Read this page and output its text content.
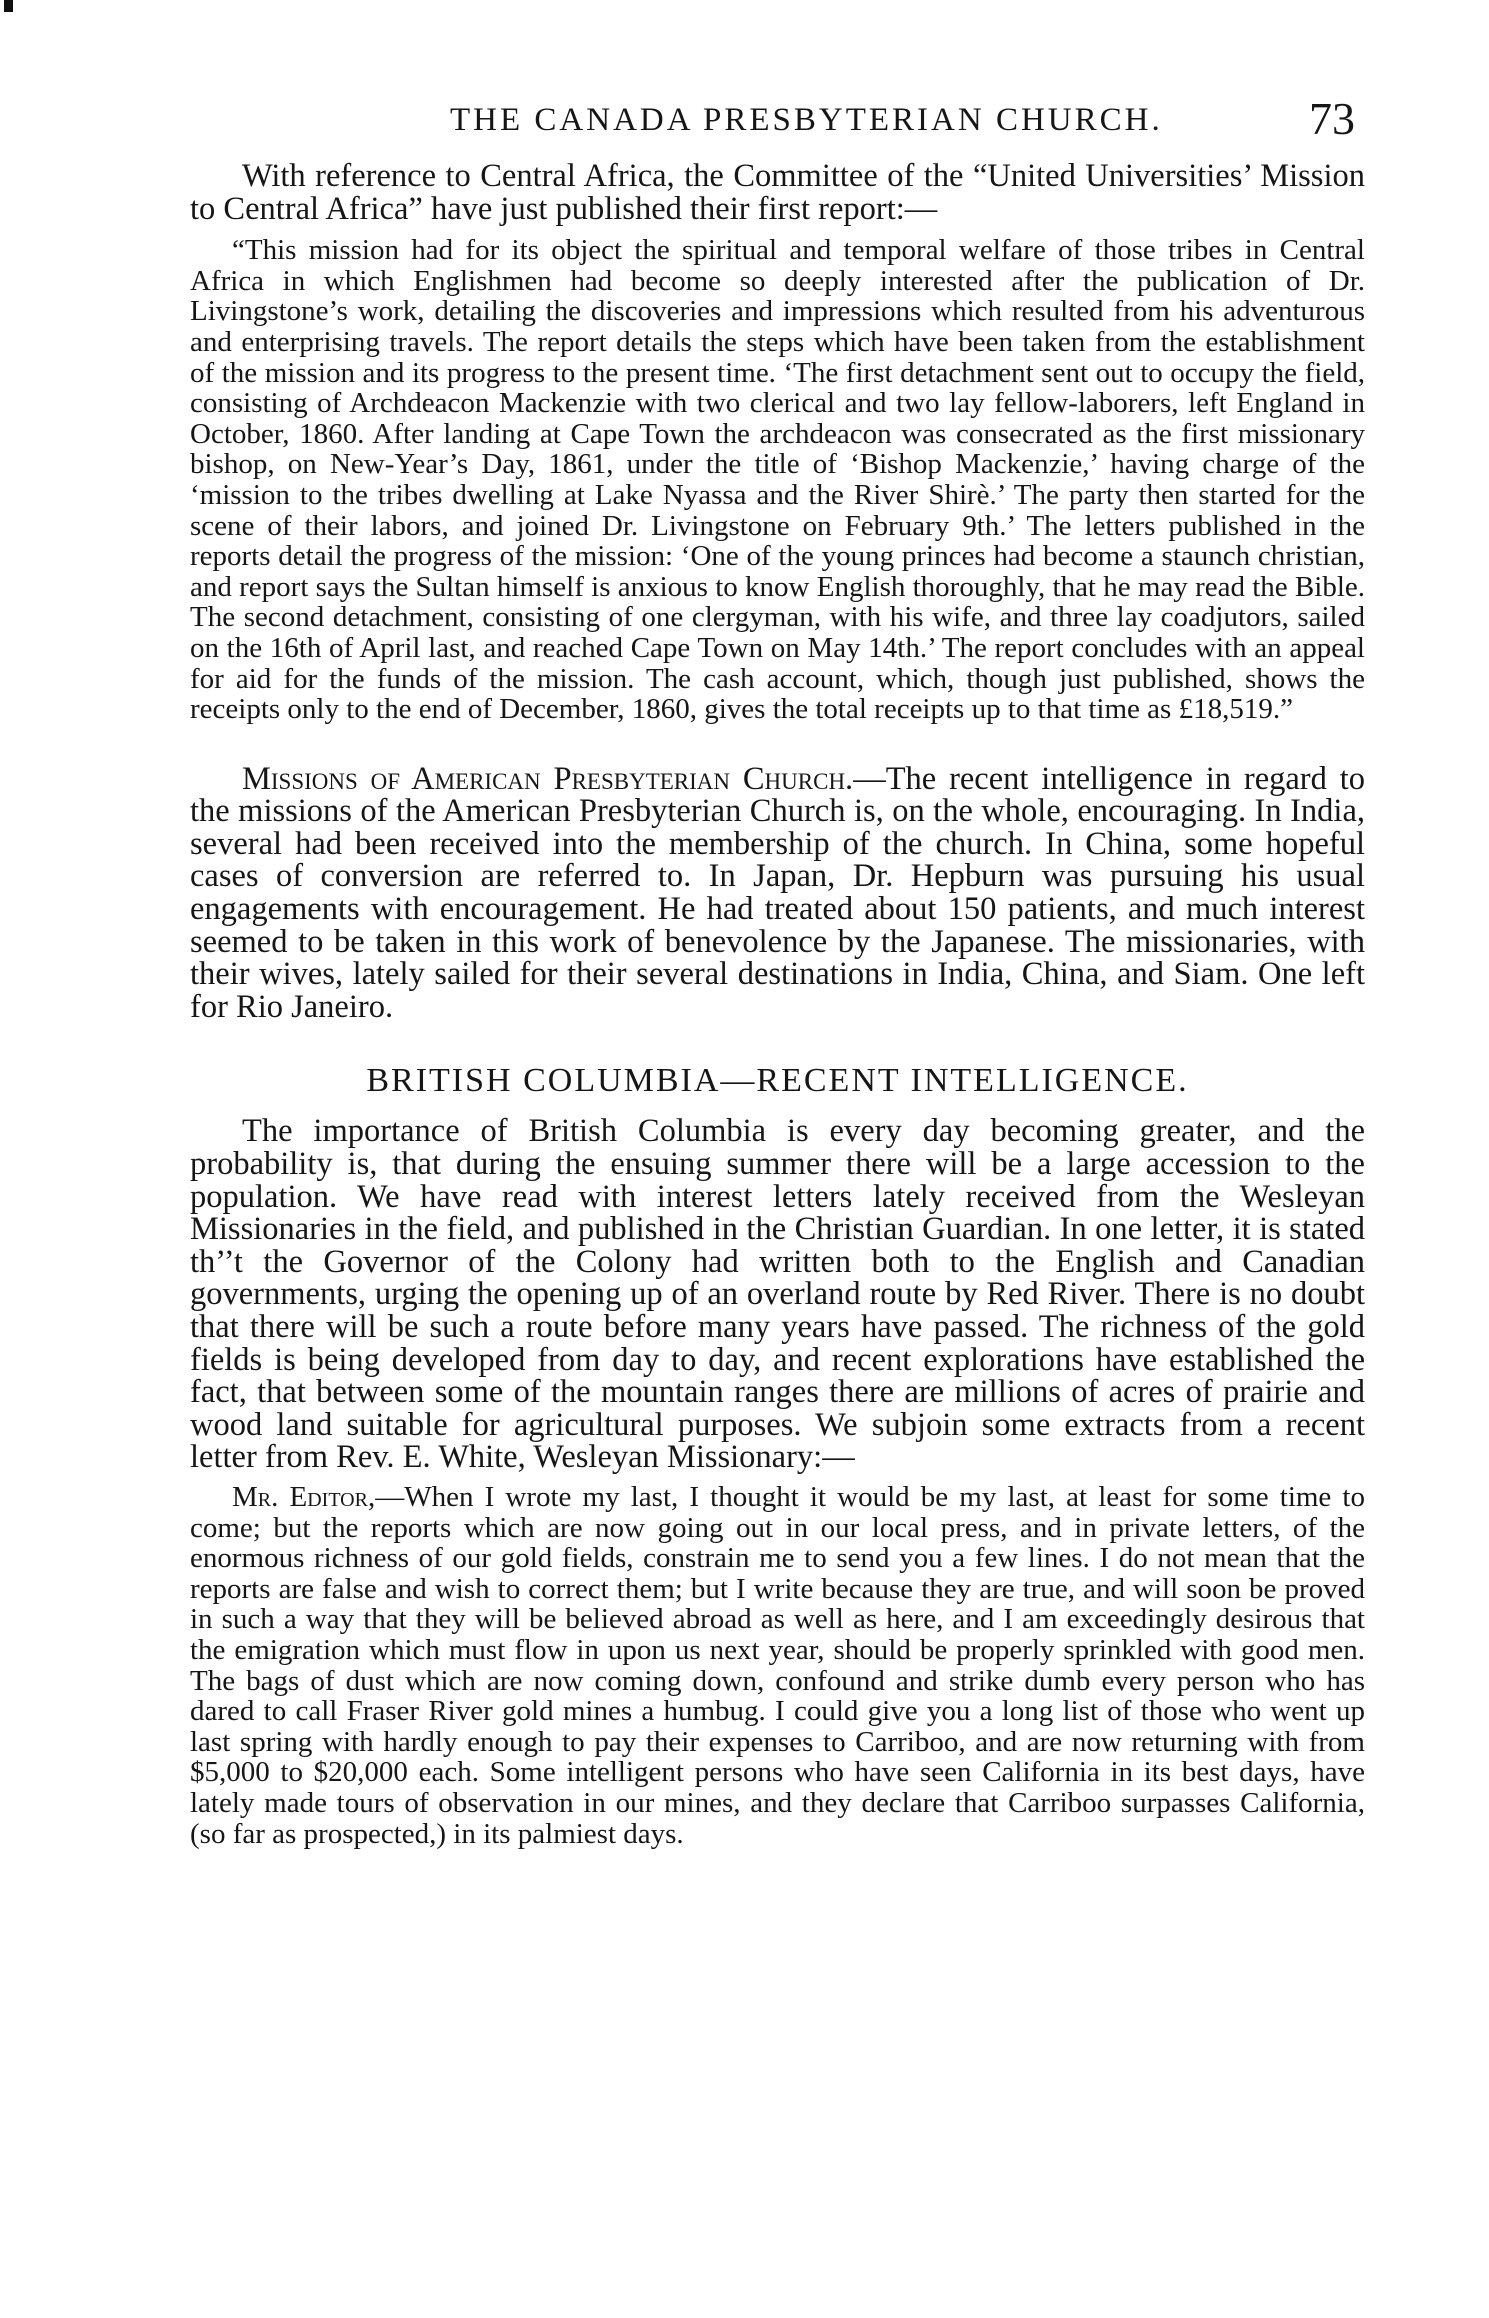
THE CANADA PRESBYTERIAN CHURCH.	73

With reference to Central Africa, the Committee of the “United Universities’ Mission to Central Africa” have just published their first report:—

“This mission had for its object the spiritual and temporal welfare of those tribes in Central Africa in which Englishmen had become so deeply interested after the publication of Dr. Livingstone’s work, detailing the discoveries and impressions which resulted from his adventurous and enterprising travels. The report details the steps which have been taken from the establishment of the mission and its progress to the present time. ‘The first detachment sent out to occupy the field, consisting of Archdeacon Mackenzie with two clerical and two lay fellow-laborers, left England in October, 1860. After landing at Cape Town the archdeacon was consecrated as the first missionary bishop, on New-Year’s Day, 1861, under the title of ‘Bishop Mackenzie,’ having charge of the ‘mission to the tribes dwelling at Lake Nyassa and the River Shirè.’ The party then started for the scene of their labors, and joined Dr. Livingstone on February 9th.’ The letters published in the reports detail the progress of the mission: ‘One of the young princes had become a staunch christian, and report says the Sultan himself is anxious to know English thoroughly, that he may read the Bible. The second detachment, consisting of one clergyman, with his wife, and three lay coadjutors, sailed on the 16th of April last, and reached Cape Town on May 14th.’ The report concludes with an appeal for aid for the funds of the mission. The cash account, which, though just published, shows the receipts only to the end of December, 1860, gives the total receipts up to that time as £18,519.”

Missions of American Presbyterian Church.—The recent intelligence in regard to the missions of the American Presbyterian Church is, on the whole, encouraging. In India, several had been received into the membership of the church. In China, some hopeful cases of conversion are referred to. In Japan, Dr. Hepburn was pursuing his usual engagements with encouragement. He had treated about 150 patients, and much interest seemed to be taken in this work of benevolence by the Japanese. The missionaries, with their wives, lately sailed for their several destinations in India, China, and Siam. One left for Rio Janeiro.

BRITISH COLUMBIA—RECENT INTELLIGENCE.

The importance of British Columbia is every day becoming greater, and the probability is, that during the ensuing summer there will be a large accession to the population. We have read with interest letters lately received from the Wesleyan Missionaries in the field, and published in the Christian Guardian. In one letter, it is stated th’’t the Governor of the Colony had written both to the English and Canadian governments, urging the opening up of an overland route by Red River. There is no doubt that there will be such a route before many years have passed. The richness of the gold fields is being developed from day to day, and recent explorations have established the fact, that between some of the mountain ranges there are millions of acres of prairie and wood land suitable for agricultural purposes. We subjoin some extracts from a recent letter from Rev. E. White, Wesleyan Missionary:—

Mr. Editor,—When I wrote my last, I thought it would be my last, at least for some time to come; but the reports which are now going out in our local press, and in private letters, of the enormous richness of our gold fields, constrain me to send you a few lines. I do not mean that the reports are false and wish to correct them; but I write because they are true, and will soon be proved in such a way that they will be believed abroad as well as here, and I am exceedingly desirous that the emigration which must flow in upon us next year, should be properly sprinkled with good men. The bags of dust which are now coming down, confound and strike dumb every person who has dared to call Fraser River gold mines a humbug. I could give you a long list of those who went up last spring with hardly enough to pay their expenses to Carriboo, and are now returning with from $5,000 to $20,000 each. Some intelligent persons who have seen California in its best days, have lately made tours of observation in our mines, and they declare that Carriboo surpasses California, (so far as prospected,) in its palmiest days.
